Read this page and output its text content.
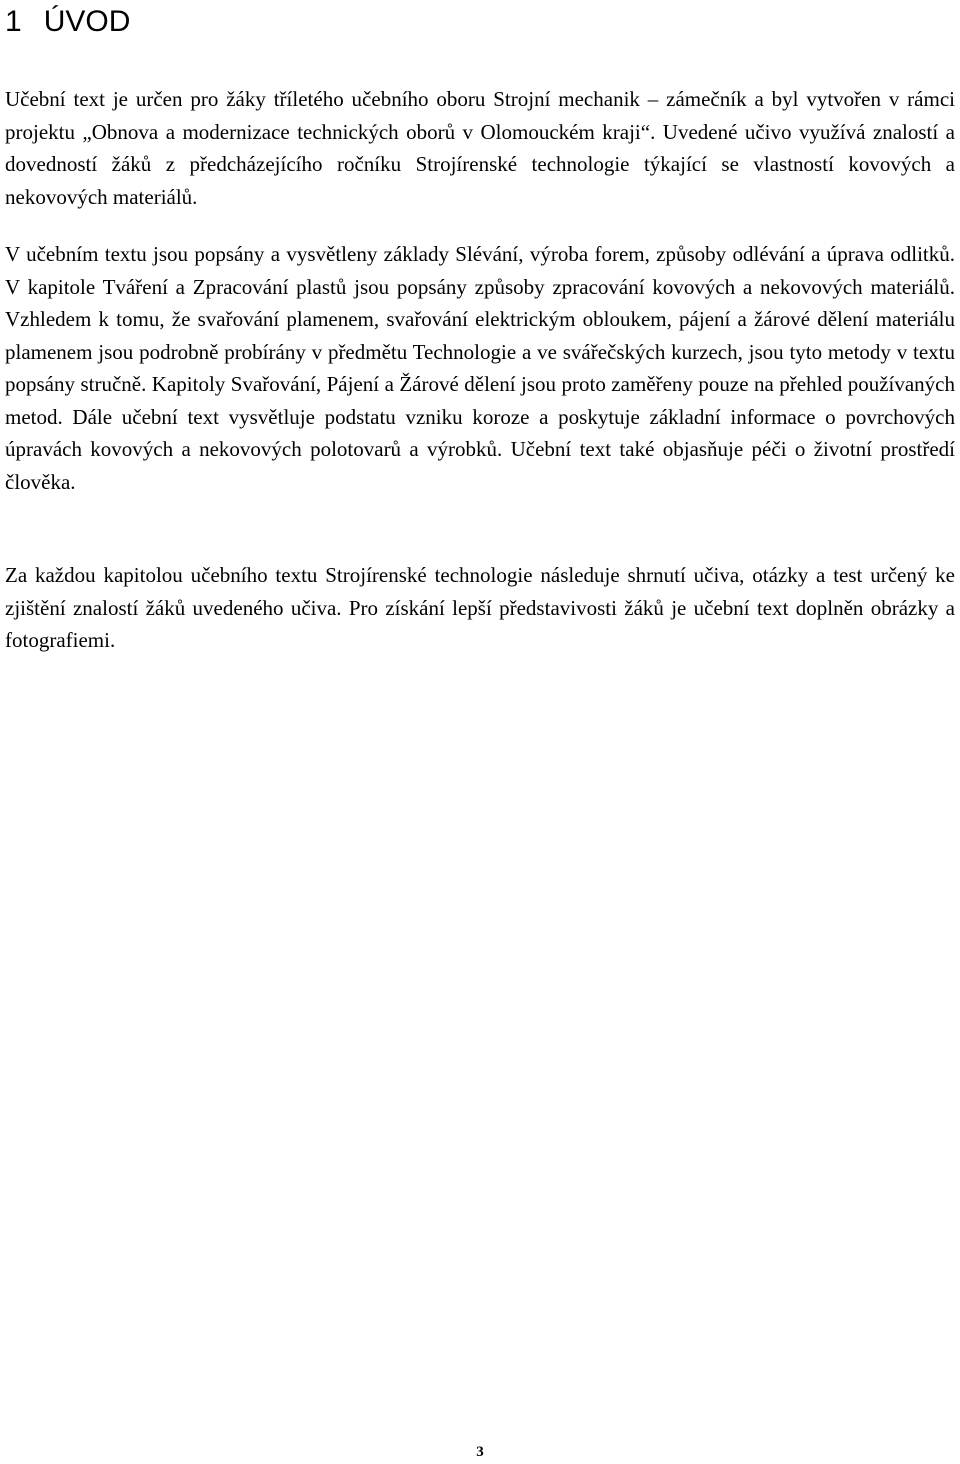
1 ÚVOD

Učební text je určen pro žáky tříletého učebního oboru Strojní mechanik – zámečník a byl vytvořen v rámci projektu „Obnova a modernizace technických oborů v Olomouckém kraji“. Uvedené učivo využívá znalostí a dovedností žáků z předcházejícího ročníku Strojírenské technologie týkající se vlastností kovových a nekovových materiálů.

V učebním textu jsou popsány a vysvětleny základy Slévání, výroba forem, způsoby odlévání a úprava odlitků. V kapitole Tváření a Zpracování plastů jsou popsány způsoby zpracování kovových a nekovových materiálů. Vzhledem k tomu, že svařování plamenem, svařování elektrickým obloukem, pájení a žárové dělení materiálu plamenem jsou podrobně probírány v předmětu Technologie a ve svářečských kurzech, jsou tyto metody v textu popsány stručně. Kapitoly Svařování, Pájení a Žárové dělení jsou proto zaměřeny pouze na přehled používaných metod. Dále učební text vysvětluje podstatu vzniku koroze a poskytuje základní informace o povrchových úpravách kovových a nekovových polotovarů a výrobků. Učební text také objasňuje péči o životní prostředí člověka.

Za každou kapitolou učebního textu Strojírenské technologie následuje shrnutí učiva, otázky a test určený ke zjištění znalostí žáků uvedeného učiva. Pro získání lepší představivosti žáků je učební text doplněn obrázky a fotografiemi.

3
